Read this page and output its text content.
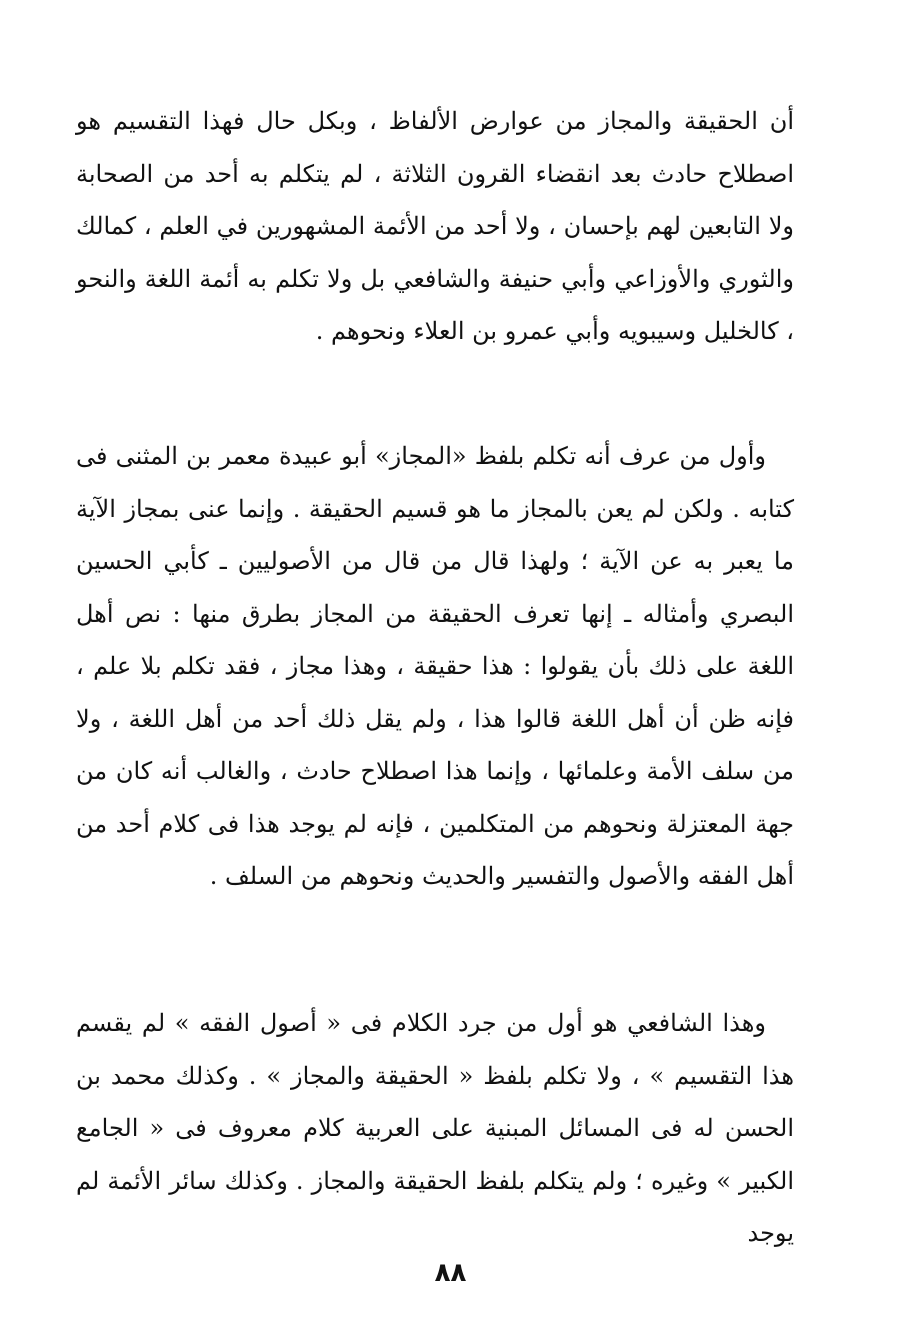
أن الحقيقة والمجاز من عوارض الألفاظ ، وبكل حال فهذا التقسيم هو اصطلاح حادث بعد انقضاء القرون الثلاثة ، لم يتكلم به أحد من الصحابة ولا التابعين لهم بإحسان ، ولا أحد من الأئمة المشهورين في العلم ، كمالك والثوري والأوزاعي وأبي حنيفة والشافعي بل ولا تكلم به أئمة اللغة والنحو ، كالخليل وسيبويه وأبي عمرو بن العلاء ونحوهم .

وأول من عرف أنه تكلم بلفظ «المجاز» أبو عبيدة معمر بن المثنى فى كتابه . ولكن لم يعن بالمجاز ما هو قسيم الحقيقة . وإنما عنى بمجاز الآية ما يعبر به عن الآية ؛ ولهذا قال من قال من الأصوليين ـ كأبي الحسين البصري وأمثاله ـ إنها تعرف الحقيقة من المجاز بطرق منها : نص أهل اللغة على ذلك بأن يقولوا : هذا حقيقة ، وهذا مجاز ، فقد تكلم بلا علم ، فإنه ظن أن أهل اللغة قالوا هذا ، ولم يقل ذلك أحد من أهل اللغة ، ولا من سلف الأمة وعلمائها ، وإنما هذا اصطلاح حادث ، والغالب أنه كان من جهة المعتزلة ونحوهم من المتكلمين ، فإنه لم يوجد هذا فى كلام أحد من أهل الفقه والأصول والتفسير والحديث ونحوهم من السلف .

وهذا الشافعي هو أول من جرد الكلام فى « أصول الفقه » لم يقسم هذا التقسيم » ، ولا تكلم بلفظ « الحقيقة والمجاز » . وكذلك محمد بن الحسن له فى المسائل المبنية على العربية كلام معروف فى « الجامع الكبير » وغيره ؛ ولم يتكلم بلفظ الحقيقة والمجاز . وكذلك سائر الأئمة لم يوجد

٨٨
